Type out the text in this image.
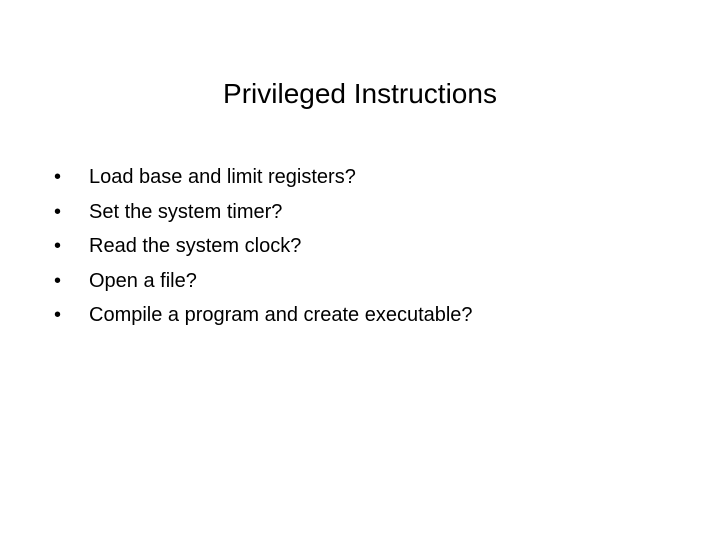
Privileged Instructions
•	Load base and limit registers?
•	Set the system timer?
•	Read the system clock?
•	Open a file?
•	Compile a program and create executable?
